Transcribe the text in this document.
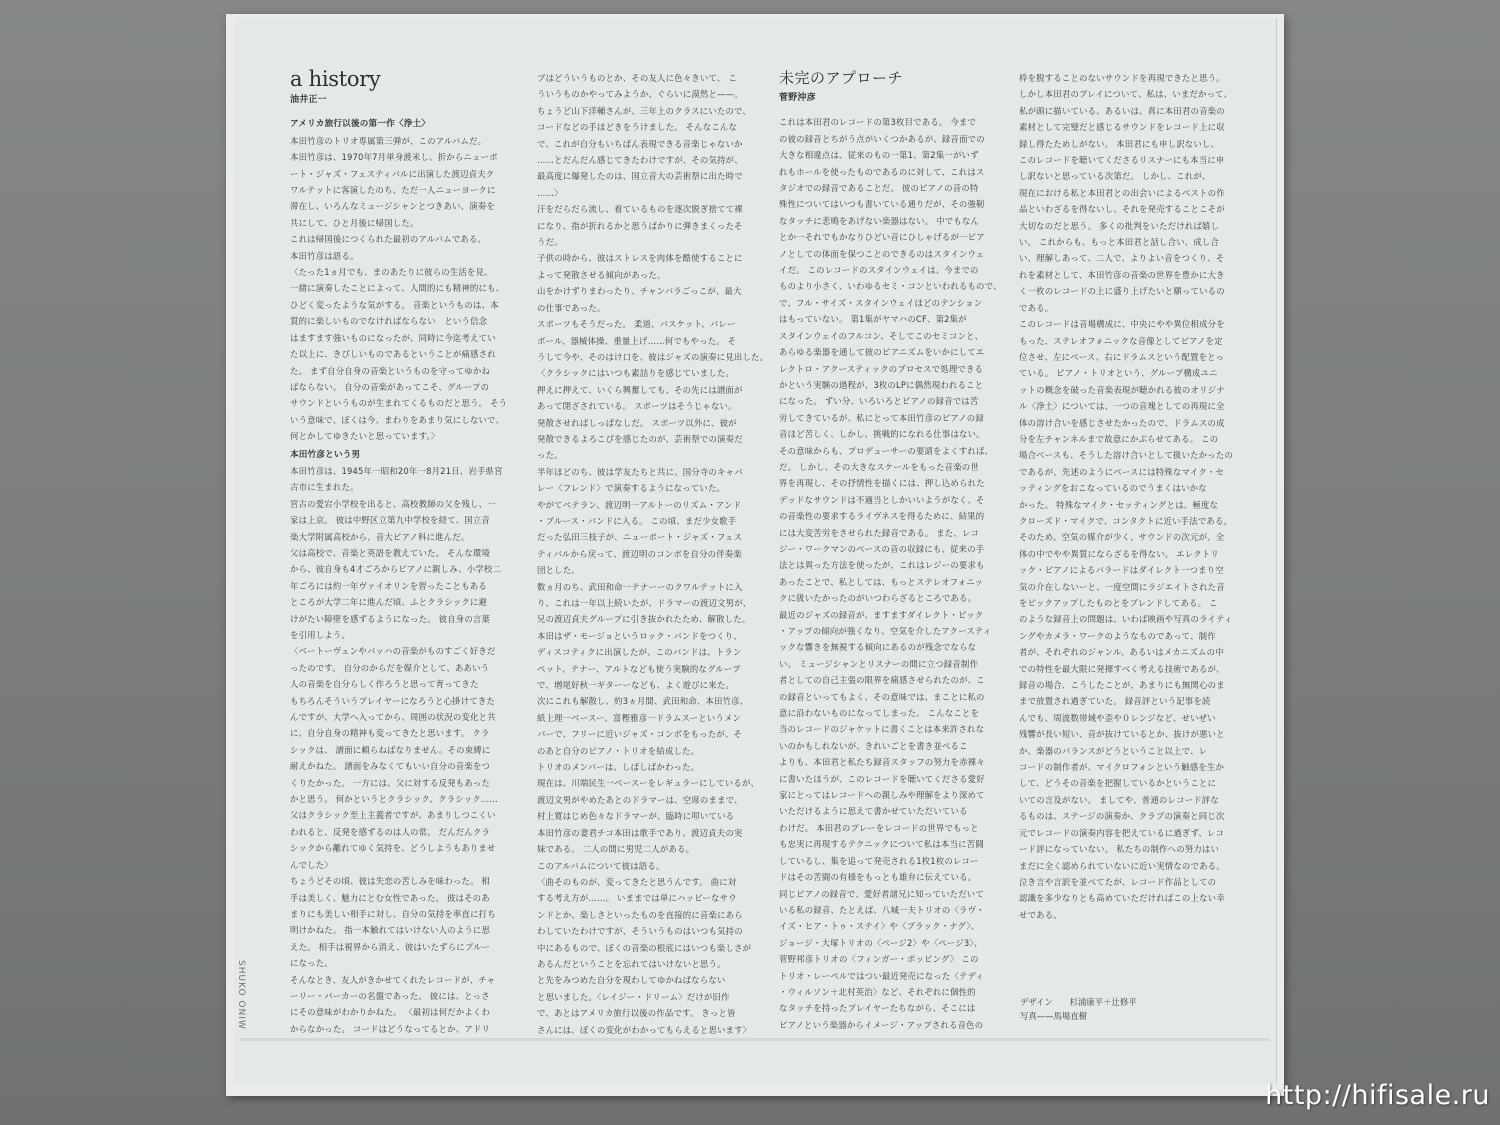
SHUKO ONIW

a history

油井正一

アメリカ旅行以後の第一作〈浄土〉

本田竹彦のトリオ専属第三弾が、このアルバムだ。

本田竹彦は、1970年7月単身渡米し、折からニューポ

ート・ジャズ・フェスティバルに出演した渡辺貞夫ク

ワルテットに客演したのち、ただ一人ニューヨークに

滞在し、いろんなミュージシャンとつきあい、演奏を

共にして、ひと月後に帰国した。

これは帰国後につくられた最初のアルバムである。

本田竹彦は語る。

〈たった1ヵ月でも、まのあたりに彼らの生活を見、

一緒に演奏したことによって、人間的にも精神的にも、

ひどく変ったような気がする。 音楽というものは、本

質的に楽しいものでなければならない　という信念

はますます強いものになったが、同時に今迄考えてい

た以上に、きびしいものであるということが痛感され

た。 まず自分自身の音楽というものを守ってゆかね

ばならない。 自分の音楽があってこそ、グループの

サウンドというものが生まれてくるものだと思う。 そう

いう意味で、ぼくは今、まわりをあまり気にしないで、

何とかしてゆきたいと思っています。〉

本田竹彦という男

本田竹彦は、1945年一昭和20年一8月21日、岩手県宮

古市に生まれた。

宮古の愛宕小学校を出ると、高校教師の父を残し、一

家は上京。 彼は中野区立第九中学校を経て、国立音

楽大学附属高校から、音大ピアノ科に進んだ。

父は高校で、音楽と英語を教えていた。 そんな環境

から、彼自身も4才ごろからピアノに親しみ、小学校二

年ごろには約一年ヴァイオリンを習ったこともある

ところが大学二年に進んだ頃、ふとクラシックに避

けがたい障壁を感ずるようになった。 彼自身の言葉

を引用しよう。

〈ベートーヴェンやバッハの音楽がものすごく好きだ

ったのです。 自分のからだを媒介として、ああいう

人の音楽を自分らしく作ろうと思って育ってきた

もちろんそういうプレイヤーになろうと心掛けてきた

んですが、大学へ入ってから、周囲の状況の変化と共

に、自分自身の精神も変ってきたと思います。 クラ

シックは、 譜面に頼らねばなりません。その束縛に

耐えかねた。 譜面をみなくてもいい自分の音楽をつ

くりたかった。 一方には、父に対する反発もあった

かと思う。 何かというとクラシック、クラシック……

父はクラシック至上主義者ですが、あまりしつこくい

われると、反発を感ずるのは人の常。 だんだんクラ

シックから離れてゆく気持を、どうしようもありませ

んでした〉

ちょうどその頃、彼は失恋の苦しみを味わった。 相

手は美しく、魅力にとむ女性であった。 彼はそのあ

まりにも美しい相手に対し、自分の気持を率直に打ち

明けかねた。 指一本触れてはいけない人のように思

えた。 相手は視界から消え、彼はいたずらにブルー

になった。

そんなとき、友人がきかせてくれたレコードが、チャ

ーリー・パーカーの名盤であった。 彼には、とっさ

にその意味がわかりかねた。 〈最初は何だかよくわ

からなかった。 コードはどうなってるとか、アドリ

ブはどういうものとか、その友人に色々きいて、 こ

ういうものかやってみようか、ぐらいに漠然と——。

ちょうど山下洋輔さんが、三年上のクラスにいたので、

コードなどの手ほどきをうけました。 そんなこんな

で、これが自分もいちばん表現できる音楽じゃないか

……とだんだん感じてきたわけですが、その気持が、

最高度に爆発したのは、国立音大の芸術祭に出た時で

……〉

汗をだらだら流し、着ているものを逐次脱ぎ捨てて裸

になり、指が折れるかと思うばかりに弾きまくったそ

うだ。

子供の時から、彼はストレスを肉体を酷使することに

よって発散させる傾向があった。

山をかけずりまわったり、チャンバラごっこが、最大

の仕事であった。

スポーツもそうだった。 柔道、バスケット、バレー

ボール、器械体操、重量上げ……何でもやった。 そ

うして今や、そのはけ口を、彼はジャズの演奏に見出した。

〈クラシックにはいつも素詰りを感じていました。

押えに押えて、いくら興奮しても、その先には譜面が

あって閉ざされている。 スポーツはそうじゃない。

発散させればしっぱなしだ。 スポーツ以外に、彼が

発散できるよろこびを感じたのが、芸術祭での演奏だ

った。

半年ほどのち、彼は学友たちと共に、国分寺のキャバ

レー〈フレンド〉で演奏するようになっていた。

やがてペテラン、渡辺明一アルトーのリズム・アンド

・ブルース・バンドに入る。 この頃、まだ少女歌手

だった弘田三枝子が、ニューポート・ジャズ・フェス

ティバルから戻って、渡辺明のコンボを自分の伴奏楽

団とした。

数ヵ月のち、武田和命一テナーーのクワルテットに入

り、これは一年以上続いたが、ドラマーの渡辺文男が、

兄の渡辺貞夫グループに引き抜かれたため、解散した。

本田はザ・モージョというロック・バンドをつくり、

ディスコティクに出演したが、このバンドは、トラン

ペット、テナー、アルトなども使う実験的なグループ

で、増尾好秋一ギターーなども、よく遊びに来た。

次にこれも解散し、約3ヵ月間、武田和命、本田竹彦、

紙上理一ベースー、富樫雅彦一ドラムスーというメン

バーで、フリーに近いジャズ・コンボをもったが、そ

のあと自分のピアノ・トリオを結成した。

トリオのメンバーは、しばしばかわった。

現在は、川端民生一ベースーをレギュラーにしているが、

渡辺文男がやめたあとのドラマーは、空席のままで、

村上寛はじめ色々なドラマーが、臨時に叩いている

本田竹彦の妻君チコ本田は歌手であり、渡辺貞夫の実

妹である。 二人の間に男児二人がある。

このアルバムについて彼は語る。

〈曲そのものが、変ってきたと思うんです。 曲に対

する考え方が……。 いままでは単にハッピーなサウ

ンドとか、楽しさといったものを直接的に音楽にあら

わしていたわけですが、そういうものはいつも気持の

中にあるもので、ぼくの音楽の根底にはいつも楽しさが

あるんだということを忘れてはいけないと思う。

と先をみつめた自分を現わしてゆかねばならない

と思いました。〈レイジー・ドリーム〉だけが旧作

で、あとはアメリカ旅行以後の作品です。 きっと皆

さんには、ぼくの変化がわかってもらえると思います〉

未完のアプローチ

菅野沖彦

これは本田君のレコードの第3枚目である。 今まで

の彼の録音とちがう点がいくつかあるが、録音面での

大きな相違点は、従来のもの一第1、第2集一がいず

れもホールを使ったものであるのに対して、これはス

タジオでの録音であることだ。 彼のピアノの音の特

殊性についてはいつも書いている通りだが、その強靭

なタッチに悲鳴をあげない楽器はない。 中でもなん

とか一それでもかなりひどい音にひしゃげるが一ピア

ノとしての体面を保つことのできるのはスタインウェ

イだ。 このレコードのスタインウェイは、今までの

ものより小さく、いわゆるセミ・コンといわれるもので、

で、フル・サイズ・スタインウェイほどのテンション

はもっていない。 第1集がヤマハのCF、第2集が

スタインウェイのフルコン、そしてこのセミコンと、

あらゆる楽器を通して彼のピアニズムをいかにしてエ

レクトロ・アクースティックのプロセスで処理できる

かという実験の過程が、3枚のLPに偶然現われること

になった。 ずい分、いろいろとピアノの録音では苦

労してきているが、私にとって本田竹彦のピアノの録

音ほど苦しく、しかし、挑戦的になれる仕事はない。

その意味からも、プロデューサーの要請をよくすれば、

だ。 しかし、その大きなスケールをもった音楽の世

界を再現し、その抒情性を描くには、押し込められた

デッドなサウンドは不適当としかいいようがなく、そ

の音楽性の要求するライヴネスを得るために、結果的

には大変苦労をさせられた録音である。 また、レコ

ジー・ワークマンのベースの音の収録にも、従来の手

法とは異った方法を使ったが、これはレジーの要求も

あったことで、私としては、もっとステレオフォニッ

クに扱いたかったのがいつわらざるところである。

最近のジャズの録音が、ますますダイレクト・ピック

・アップの傾向が強くなり、空気を介したアクースティ

ックな響きを無視する傾向にあるのが残念でならな

い。 ミュージシャンとリスナーの間に立つ録音制作

者としての自己主張の限界を痛感させられたのが、こ

の録音といってもよく、その意味では、まことに私の

意に沿わないものになってしまった。 こんなことを

当のレコードのジャケットに書くことは本来許されな

いのかもしれないが、きれいごとを書き並べるこ

よりも、本田君と私たち録音スタッフの努力を赤裸々

に書いたほうが、このレコードを聴いてくださる愛好

家にとってはレコードへの親しみや理解をより深めて

いただけるように思えて書かせていただいている

わけだ。 本田君のプレーをレコードの世界でもっと

も忠実に再現するテクニックについて私は本当に苦闘

しているし、集を追って発売される1枚1枚のレコー

ドはその苦闘の有様をもっとも雄弁に伝えている。

同じピアノの録音で、愛好者諸兄に知っていただいて

いる私の録音、たとえば、八城一夫トリオの〈ラヴ・

イズ・ヒア・トゥ・ステイ〉や〈ブラック・ナグ〉、

ジョージ・大塚トリオの〈ページ2〉や〈ページ3〉、

菅野邦彦トリオの〈フィンガー・ポッピング〉 この

トリオ・レーベルではつい最近発売になった〈テディ

・ウィルソン＋北村英治〉など、それぞれに個性的

なタッチを持ったプレイヤーたちながら、そこには

ピアノという楽器からイメージ・アップされる音色の

枠を脱することのないサウンドを再現できたと思う。

しかし本田君のプレイについて、私は、いまだかって、

私が頭に描いている、あるいは、真に本田君の音楽の

素材として完璧だと感じるサウンドをレコード上に収

録し得たためしがない。 本田君にも申し訳ないし、

このレコードを聴いてくださるリスナーにも本当に申

し訳ないと思っている次第だ。 しかし、これが、

現在における私と本田君との出会いによるベストの作

品といわざるを得ないし、それを発売することこそが

大切なのだと思う。 多くの批判をいただければ嬉し

い。 これからも、もっと本田君と話し合い、成し合

い、理解しあって、二人で、よりよい音をつくり、そ

れを素材として、本田竹彦の音楽の世界を豊かに大き

く一枚のレコードの上に盛り上げたいと願っているの

である。

このレコードは音場構成に、中央にやや異位相成分を

もった、ステレオフォニックな音像としてピアノを定

位させ、左にベース、右にドラムスという配置をとっ

ている。 ピアノ・トリオという、グループ構成ユニ

ットの概念を破った音楽表現が聴かれる彼のオリジナ

ル〈浄土〉については、一つの音塊としての再現に全

体の溶け合いを感じさせたかったので、ドラムスの成

分を左チャンネルまで故意にかぶらせてある。 この

場合ベースも、そうした溶け合いとして扱いたかったの

であるが、先述のようにベースには特殊なマイク・セ

ッティングをおこなっているのでうまくはいかな

かった。 特殊なマイク・セッティングとは、極度な

クローズド・マイクで、コンタクトに近い手法である。

そのため、空気の媒介が少く、サウンドの次元が、全

体の中でやや異質にならざるを得ない。 エレクトリ

ック・ピアノによるバラードはダイレクト一つまり空

気の介在しないーと、一度空間にラジエイトされた音

をピックアップしたものとをブレンドしてある。 こ

のような録音上の問題は、いわば映画や写真のライティ

ングやカメラ・ワークのようなものであって、制作

者が、それぞれのジャンル、あるいはメカニズムの中

での特性を最大限に発揮すべく考える技術であるが、

録音の場合、こうしたことが、あまりにも無関心のま

まで放置され過ぎていた。 録音評という記事を読

んでも、周波数帯域や歪や０レンジなど、せいぜい

残響が長い短い、音が抜けているとか、抜けが悪いと

か、楽器のバランスがどうということ以上で、レ

コードの制作者が、マイクロフォンという触感を生か

して、どうその音楽を把握しているかということに

いての言及がない。 ましてや、普通のレコード評な

るものは、ステージの演奏か、クラブの演奏と同じ次

元でレコードの演奏内容を把えているに過ぎず、レコ

ード評になっていない。 私たちの制作への努力はい

まだに全く認められていないに近い実情なのである。

泣き言や言訳を並べてたが、レコード作品としての

認識を多少なりとも高めていただければこの上ない幸

せである。

デザイン　　杉浦康平＋辻修平

写真——馬場直樹

http://hifisale.ru
